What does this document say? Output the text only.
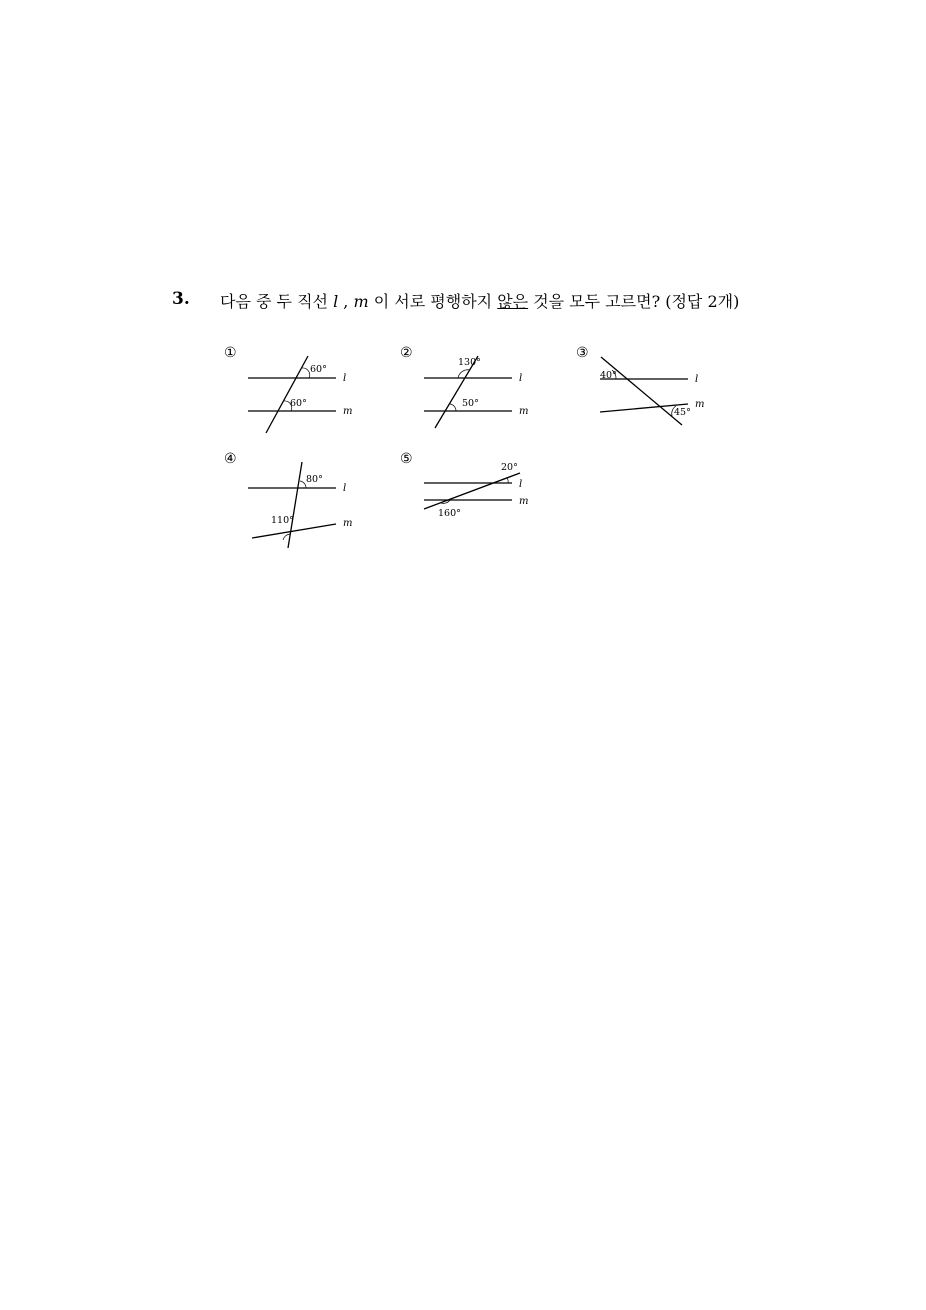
3. 다음 중 두 직선 l , m 이 서로 평행하지 않은 것을 모두 고르면? (정답 2개)
①
60°
60°
l
m
②
130°
50°
l
m
③
40°
45°
l
m
④
80°
110°
l
m
⑤
20°
160°
l
m
